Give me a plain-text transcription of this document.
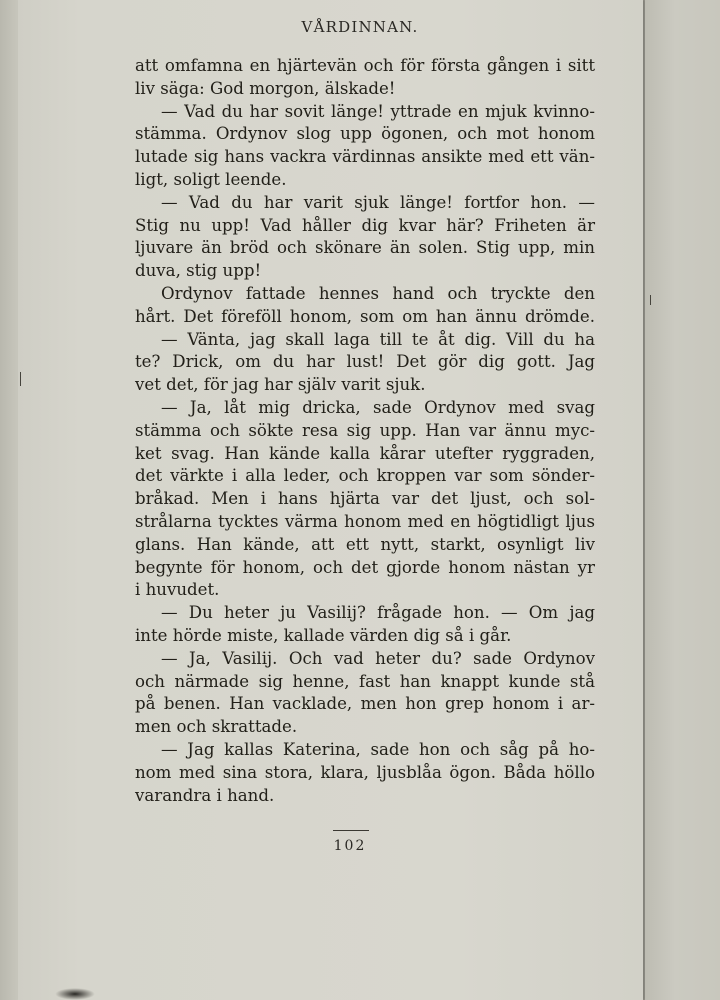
VÅRDINNAN.
att omfamna en hjärtevän och för första gången i sitt
liv säga: God morgon, älskade!
— Vad du har sovit länge! yttrade en mjuk kvinno-
stämma. Ordynov slog upp ögonen, och mot honom
lutade sig hans vackra värdinnas ansikte med ett vän-
ligt, soligt leende.
— Vad du har varit sjuk länge! fortfor hon. —
Stig nu upp! Vad håller dig kvar här? Friheten är
ljuvare än bröd och skönare än solen. Stig upp, min
duva, stig upp!
Ordynov fattade hennes hand och tryckte den
hårt. Det föreföll honom, som om han ännu drömde.
— Vänta, jag skall laga till te åt dig. Vill du ha
te? Drick, om du har lust! Det gör dig gott. Jag
vet det, för jag har själv varit sjuk.
— Ja, låt mig dricka, sade Ordynov med svag
stämma och sökte resa sig upp. Han var ännu myc-
ket svag. Han kände kalla kårar utefter ryggraden,
det värkte i alla leder, och kroppen var som sönder-
bråkad. Men i hans hjärta var det ljust, och sol-
strålarna tycktes värma honom med en högtidligt ljus
glans. Han kände, att ett nytt, starkt, osynligt liv
begynte för honom, och det gjorde honom nästan yr
i huvudet.
— Du heter ju Vasilij? frågade hon. — Om jag
inte hörde miste, kallade värden dig så i går.
— Ja, Vasilij. Och vad heter du? sade Ordynov
och närmade sig henne, fast han knappt kunde stå
på benen. Han vacklade, men hon grep honom i ar-
men och skrattade.
— Jag kallas Katerina, sade hon och såg på ho-
nom med sina stora, klara, ljusblåa ögon. Båda höllo
varandra i hand.
102
